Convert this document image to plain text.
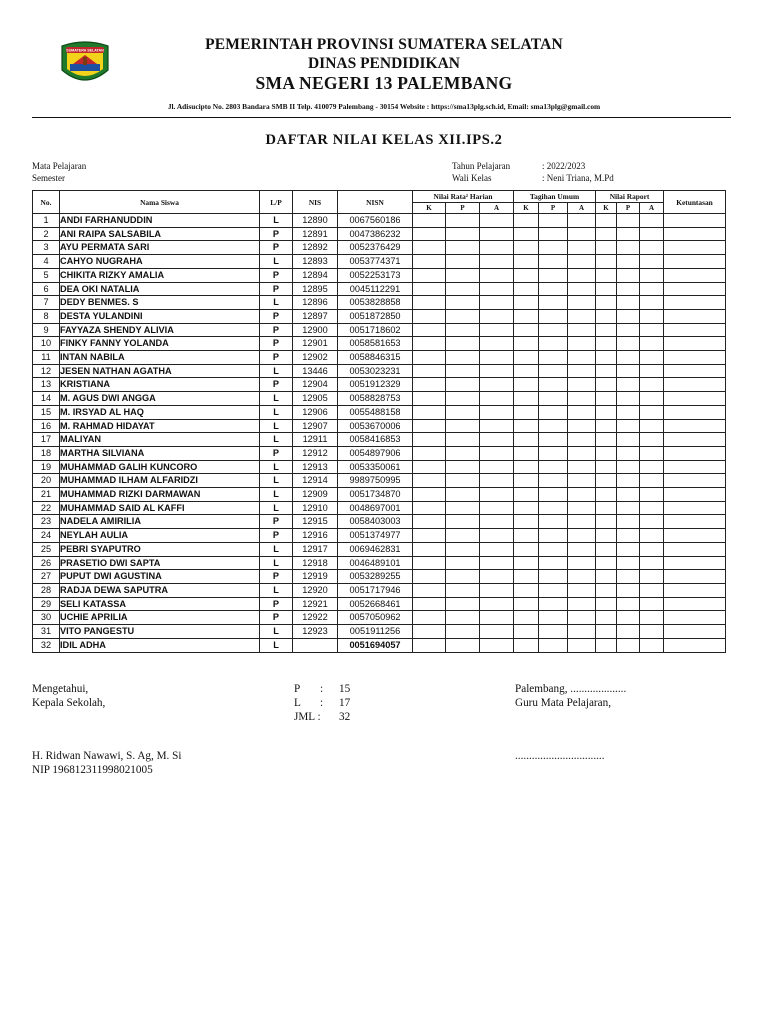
SUMATERA SELATAN	PEMERINTAH PROVINSI SUMATERA SELATAN
DINAS PENDIDIKAN
SMA NEGERI 13 PALEMBANG
Jl. Adisucipto No. 2803 Bandara SMB II Telp. 410079 Palembang - 30154 Website : https://sma13plg.sch.id, Email: sma13plg@gmail.com
DAFTAR NILAI KELAS XII.IPS.2
Mata Pelajaran
Semester
Tahun Pelajaran	: 2022/2023
Wali Kelas	: Neni Triana, M.Pd
No.	Nama Siswa	L/P	NIS	NISN	Nilai Rata² Harian			Tagihan Umum			Nilai Raport			Ketuntasan
					K	P	A	K	P	A	K	P	A	
1	ANDI FARHANUDDIN	L	12890	0067560186										
2	ANI RAIPA SALSABILA	P	12891	0047386232										
3	AYU PERMATA SARI	P	12892	0052376429										
4	CAHYO NUGRAHA	L	12893	0053774371										
5	CHIKITA RIZKY AMALIA	P	12894	0052253173										
6	DEA OKI NATALIA	P	12895	0045112291										
7	DEDY BENMES. S	L	12896	0053828858										
8	DESTA YULANDINI	P	12897	0051872850										
9	FAYYAZA SHENDY ALIVIA	P	12900	0051718602										
10	FINKY FANNY YOLANDA	P	12901	0058581653										
11	INTAN NABILA	P	12902	0058846315										
12	JESEN NATHAN AGATHA	L	13446	0053023231										
13	KRISTIANA	P	12904	0051912329										
14	M. AGUS DWI ANGGA	L	12905	0058828753										
15	M. IRSYAD AL HAQ	L	12906	0055488158										
16	M. RAHMAD HIDAYAT	L	12907	0053670006										
17	MALIYAN	L	12911	0058416853										
18	MARTHA SILVIANA	P	12912	0054897906										
19	MUHAMMAD GALIH KUNCORO	L	12913	0053350061										
20	MUHAMMAD ILHAM ALFARIDZI	L	12914	9989750995										
21	MUHAMMAD RIZKI DARMAWAN	L	12909	0051734870										
22	MUHAMMAD SAID AL KAFFI	L	12910	0048697001										
23	NADELA AMIRILIA	P	12915	0058403003										
24	NEYLAH AULIA	P	12916	0051374977										
25	PEBRI SYAPUTRO	L	12917	0069462831										
26	PRASETIO DWI SAPTA	L	12918	0046489101										
27	PUPUT DWI AGUSTINA	P	12919	0053289255										
28	RADJA DEWA SAPUTRA	L	12920	0051717946										
29	SELI KATASSA	P	12921	0052668461										
30	UCHIE APRILIA	P	12922	0057050962										
31	VITO PANGESTU	L	12923	0051911256										
32	IDIL ADHA	L		0051694057										
Mengetahui,
Kepala Sekolah,
P : 15
L : 17
JML : 32
Palembang, ....................
Guru Mata Pelajaran,
H. Ridwan Nawawi, S. Ag, M. Si
NIP 196812311998021005
................................
